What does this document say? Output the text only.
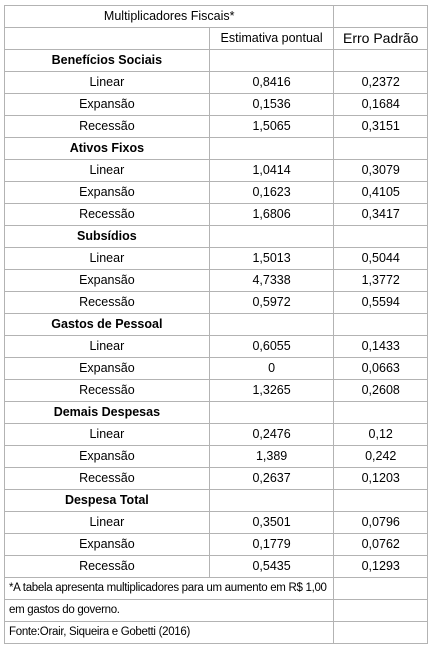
Multiplicadores Fiscais*		
	Estimativa pontual	Erro Padrão
Benefícios Sociais		
Linear	0,8416	0,2372
Expansão	0,1536	0,1684
Recessão	1,5065	0,3151
Ativos Fixos		
Linear	1,0414	0,3079
Expansão	0,1623	0,4105
Recessão	1,6806	0,3417
Subsídios		
Linear	1,5013	0,5044
Expansão	4,7338	1,3772
Recessão	0,5972	0,5594
Gastos de Pessoal		
Linear	0,6055	0,1433
Expansão	0	0,0663
Recessão	1,3265	0,2608
Demais Despesas		
Linear	0,2476	0,12
Expansão	1,389	0,242
Recessão	0,2637	0,1203
Despesa Total		
Linear	0,3501	0,0796
Expansão	0,1779	0,0762
Recessão	0,5435	0,1293
*A tabela apresenta multiplicadores para um aumento em R$ 1,00		
em gastos do governo.		
Fonte:Orair, Siqueira e Gobetti (2016)		
